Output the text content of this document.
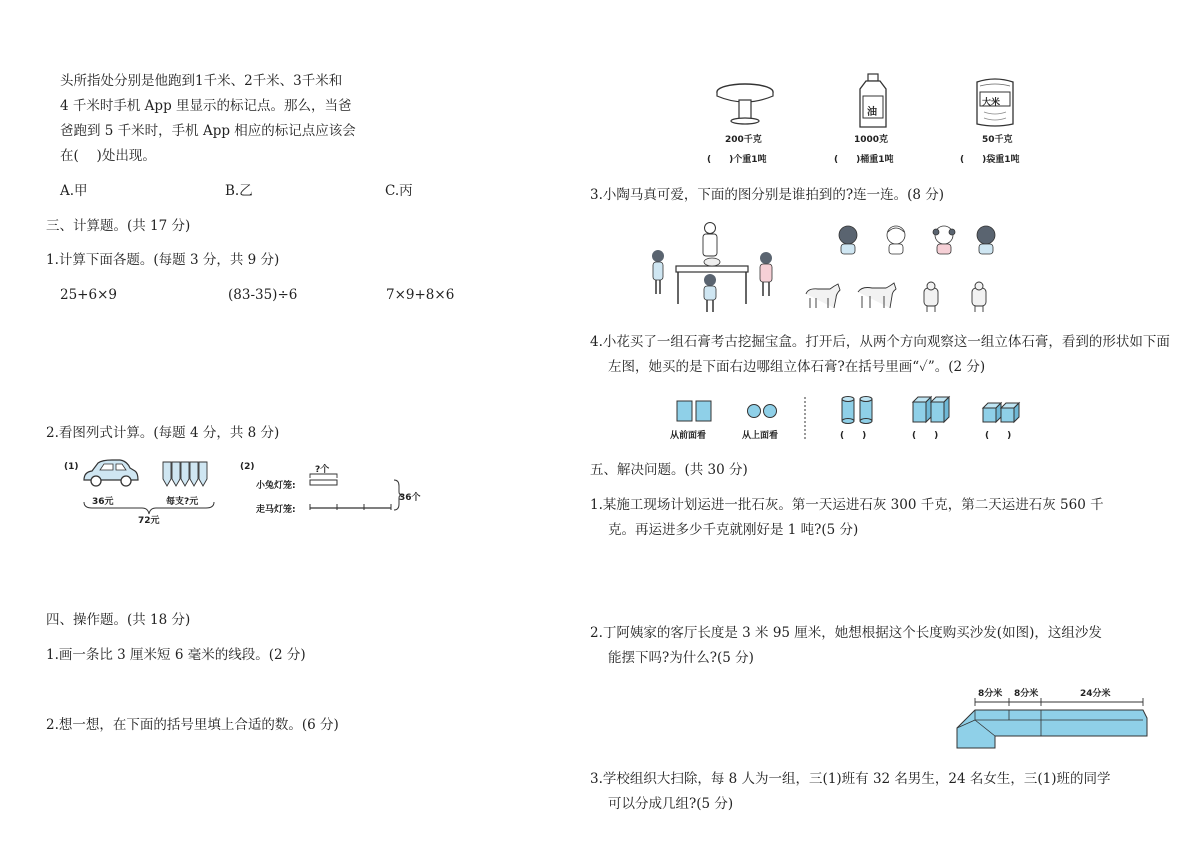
头所指处分别是他跑到1千米、2千米、3千米和
4 千米时手机 App 里显示的标记点。那么，当爸
爸跑到 5 千米时，手机 App 相应的标记点应该会
在(　 )处出现。
A.甲	B.乙	C.丙
三、计算题。(共 17 分)
1.计算下面各题。(每题 3 分，共 9 分)
25+6×9	(83-35)÷6	7×9+8×6
2.看图列式计算。(每题 4 分，共 8 分)
(1)
36元	每支?元
72元
(2)	?个
小兔灯笼:
走马灯笼:
36个
四、操作题。(共 18 分)
1.画一条比 3 厘米短 6 毫米的线段。(2 分)
2.想一想，在下面的括号里填上合适的数。(6 分)
油
大米
200千克	1000克	50千克
(　　)个重1吨	(　　)桶重1吨	(　　)袋重1吨
3.小陶马真可爱，下面的图分别是谁拍到的?连一连。(8 分)
4.小花买了一组石膏考古挖掘宝盒。打开后，从两个方向观察这一组立体石膏，看到的形状如下面
左图，她买的是下面右边哪组立体石膏?在括号里画“✓”。(2 分)
从前面看	从上面看	(　　)	(　　)	(　　)
五、解决问题。(共 30 分)
1.某施工现场计划运进一批石灰。第一天运进石灰 300 千克，第二天运进石灰 560 千
克。再运进多少千克就刚好是 1 吨?(5 分)
2.丁阿姨家的客厅长度是 3 米 95 厘米，她想根据这个长度购买沙发(如图)，这组沙发
能摆下吗?为什么?(5 分)
8分米 8分米	24分米
3.学校组织大扫除，每 8 人为一组，三(1)班有 32 名男生，24 名女生，三(1)班的同学
可以分成几组?(5 分)
